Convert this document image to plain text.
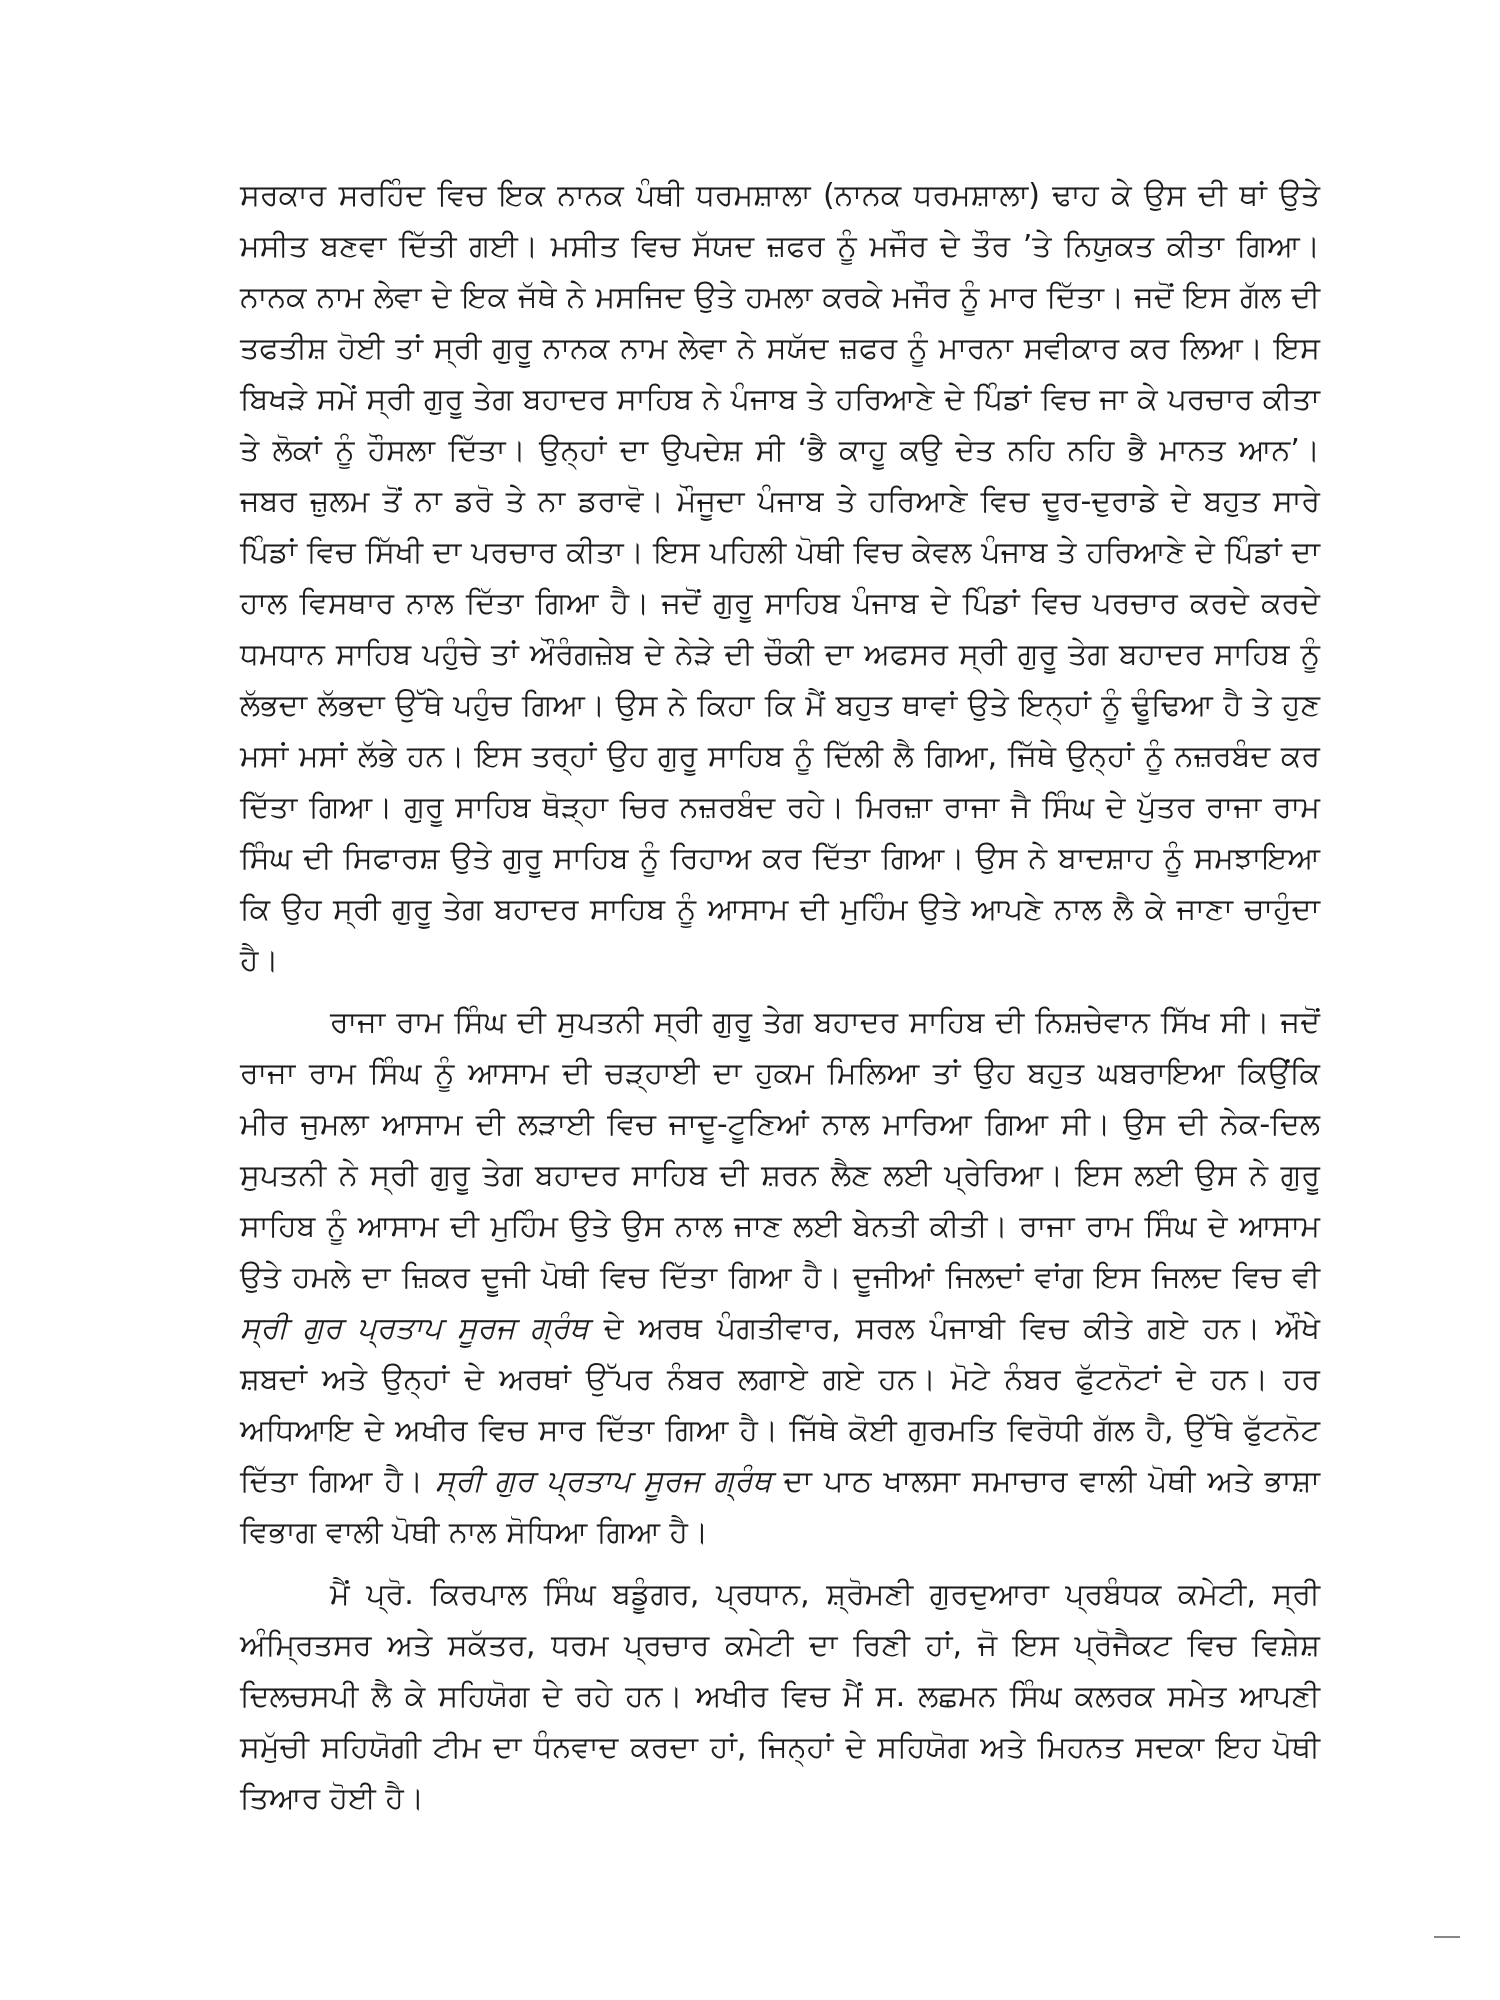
ਸਰਕਾਰ ਸਰਹਿੰਦ ਵਿਚ ਇਕ ਨਾਨਕ ਪੰਥੀ ਧਰਮਸ਼ਾਲਾ (ਨਾਨਕ ਧਰਮਸ਼ਾਲਾ) ਢਾਹ ਕੇ ਉਸ ਦੀ ਥਾਂ ਉਤੇ ਮਸੀਤ ਬਣਵਾ ਦਿੱਤੀ ਗਈ। ਮਸੀਤ ਵਿਚ ਸੱਯਦ ਜ਼ਫਰ ਨੂੰ ਮਜੌਰ ਦੇ ਤੌਰ ’ਤੇ ਨਿਯੁਕਤ ਕੀਤਾ ਗਿਆ। ਨਾਨਕ ਨਾਮ ਲੇਵਾ ਦੇ ਇਕ ਜੱਥੇ ਨੇ ਮਸਜਿਦ ਉਤੇ ਹਮਲਾ ਕਰਕੇ ਮਜੌਰ ਨੂੰ ਮਾਰ ਦਿੱਤਾ। ਜਦੋਂ ਇਸ ਗੱਲ ਦੀ ਤਫਤੀਸ਼ ਹੋਈ ਤਾਂ ਸ੍ਰੀ ਗੁਰੂ ਨਾਨਕ ਨਾਮ ਲੇਵਾ ਨੇ ਸਯੱਦ ਜ਼ਫਰ ਨੂੰ ਮਾਰਨਾ ਸਵੀਕਾਰ ਕਰ ਲਿਆ। ਇਸ ਬਿਖੜੇ ਸਮੇਂ ਸ੍ਰੀ ਗੁਰੂ ਤੇਗ ਬਹਾਦਰ ਸਾਹਿਬ ਨੇ ਪੰਜਾਬ ਤੇ ਹਰਿਆਣੇ ਦੇ ਪਿੰਡਾਂ ਵਿਚ ਜਾ ਕੇ ਪਰਚਾਰ ਕੀਤਾ ਤੇ ਲੋਕਾਂ ਨੂੰ ਹੌਸਲਾ ਦਿੱਤਾ। ਉਨ੍ਹਾਂ ਦਾ ਉਪਦੇਸ਼ ਸੀ ‘ਭੈ ਕਾਹੂ ਕਉ ਦੇਤ ਨਹਿ ਨਹਿ ਭੈ ਮਾਨਤ ਆਨ’। ਜਬਰ ਜ਼ੁਲਮ ਤੋਂ ਨਾ ਡਰੋ ਤੇ ਨਾ ਡਰਾਵੋ। ਮੌਜੂਦਾ ਪੰਜਾਬ ਤੇ ਹਰਿਆਣੇ ਵਿਚ ਦੂਰ-ਦੁਰਾਡੇ ਦੇ ਬਹੁਤ ਸਾਰੇ ਪਿੰਡਾਂ ਵਿਚ ਸਿੱਖੀ ਦਾ ਪਰਚਾਰ ਕੀਤਾ। ਇਸ ਪਹਿਲੀ ਪੋਥੀ ਵਿਚ ਕੇਵਲ ਪੰਜਾਬ ਤੇ ਹਰਿਆਣੇ ਦੇ ਪਿੰਡਾਂ ਦਾ ਹਾਲ ਵਿਸਥਾਰ ਨਾਲ ਦਿੱਤਾ ਗਿਆ ਹੈ। ਜਦੋਂ ਗੁਰੂ ਸਾਹਿਬ ਪੰਜਾਬ ਦੇ ਪਿੰਡਾਂ ਵਿਚ ਪਰਚਾਰ ਕਰਦੇ ਕਰਦੇ ਧਮਧਾਨ ਸਾਹਿਬ ਪਹੁੰਚੇ ਤਾਂ ਔਰੰਗਜ਼ੇਬ ਦੇ ਨੇੜੇ ਦੀ ਚੌਕੀ ਦਾ ਅਫਸਰ ਸ੍ਰੀ ਗੁਰੂ ਤੇਗ ਬਹਾਦਰ ਸਾਹਿਬ ਨੂੰ ਲੱਭਦਾ ਲੱਭਦਾ ਉੱਥੇ ਪਹੁੰਚ ਗਿਆ। ਉਸ ਨੇ ਕਿਹਾ ਕਿ ਮੈਂ ਬਹੁਤ ਥਾਵਾਂ ਉਤੇ ਇਨ੍ਹਾਂ ਨੂੰ ਢੂੰਢਿਆ ਹੈ ਤੇ ਹੁਣ ਮਸਾਂ ਮਸਾਂ ਲੱਭੇ ਹਨ। ਇਸ ਤਰ੍ਹਾਂ ਉਹ ਗੁਰੂ ਸਾਹਿਬ ਨੂੰ ਦਿੱਲੀ ਲੈ ਗਿਆ, ਜਿੱਥੇ ਉਨ੍ਹਾਂ ਨੂੰ ਨਜ਼ਰਬੰਦ ਕਰ ਦਿੱਤਾ ਗਿਆ। ਗੁਰੂ ਸਾਹਿਬ ਥੋੜ੍ਹਾ ਚਿਰ ਨਜ਼ਰਬੰਦ ਰਹੇ। ਮਿਰਜ਼ਾ ਰਾਜਾ ਜੈ ਸਿੰਘ ਦੇ ਪੁੱਤਰ ਰਾਜਾ ਰਾਮ ਸਿੰਘ ਦੀ ਸਿਫਾਰਸ਼ ਉਤੇ ਗੁਰੂ ਸਾਹਿਬ ਨੂੰ ਰਿਹਾਅ ਕਰ ਦਿੱਤਾ ਗਿਆ। ਉਸ ਨੇ ਬਾਦਸ਼ਾਹ ਨੂੰ ਸਮਝਾਇਆ ਕਿ ਉਹ ਸ੍ਰੀ ਗੁਰੂ ਤੇਗ ਬਹਾਦਰ ਸਾਹਿਬ ਨੂੰ ਆਸਾਮ ਦੀ ਮੁਹਿੰਮ ਉਤੇ ਆਪਣੇ ਨਾਲ ਲੈ ਕੇ ਜਾਣਾ ਚਾਹੁੰਦਾ ਹੈ।

ਰਾਜਾ ਰਾਮ ਸਿੰਘ ਦੀ ਸੁਪਤਨੀ ਸ੍ਰੀ ਗੁਰੂ ਤੇਗ ਬਹਾਦਰ ਸਾਹਿਬ ਦੀ ਨਿਸ਼ਚੇਵਾਨ ਸਿੱਖ ਸੀ। ਜਦੋਂ ਰਾਜਾ ਰਾਮ ਸਿੰਘ ਨੂੰ ਆਸਾਮ ਦੀ ਚੜ੍ਹਾਈ ਦਾ ਹੁਕਮ ਮਿਲਿਆ ਤਾਂ ਉਹ ਬਹੁਤ ਘਬਰਾਇਆ ਕਿਉਂਕਿ ਮੀਰ ਜੁਮਲਾ ਆਸਾਮ ਦੀ ਲੜਾਈ ਵਿਚ ਜਾਦੂ-ਟੂਣਿਆਂ ਨਾਲ ਮਾਰਿਆ ਗਿਆ ਸੀ। ਉਸ ਦੀ ਨੇਕ-ਦਿਲ ਸੁਪਤਨੀ ਨੇ ਸ੍ਰੀ ਗੁਰੂ ਤੇਗ ਬਹਾਦਰ ਸਾਹਿਬ ਦੀ ਸ਼ਰਨ ਲੈਣ ਲਈ ਪ੍ਰੇਰਿਆ। ਇਸ ਲਈ ਉਸ ਨੇ ਗੁਰੂ ਸਾਹਿਬ ਨੂੰ ਆਸਾਮ ਦੀ ਮੁਹਿੰਮ ਉਤੇ ਉਸ ਨਾਲ ਜਾਣ ਲਈ ਬੇਨਤੀ ਕੀਤੀ। ਰਾਜਾ ਰਾਮ ਸਿੰਘ ਦੇ ਆਸਾਮ ਉਤੇ ਹਮਲੇ ਦਾ ਜ਼ਿਕਰ ਦੂਜੀ ਪੋਥੀ ਵਿਚ ਦਿੱਤਾ ਗਿਆ ਹੈ। ਦੂਜੀਆਂ ਜਿਲਦਾਂ ਵਾਂਗ ਇਸ ਜਿਲਦ ਵਿਚ ਵੀ ਸ੍ਰੀ ਗੁਰ ਪ੍ਰਤਾਪ ਸੂਰਜ ਗ੍ਰੰਥ ਦੇ ਅਰਥ ਪੰਗਤੀਵਾਰ, ਸਰਲ ਪੰਜਾਬੀ ਵਿਚ ਕੀਤੇ ਗਏ ਹਨ। ਔਖੇ ਸ਼ਬਦਾਂ ਅਤੇ ਉਨ੍ਹਾਂ ਦੇ ਅਰਥਾਂ ਉੱਪਰ ਨੰਬਰ ਲਗਾਏ ਗਏ ਹਨ। ਮੋਟੇ ਨੰਬਰ ਫੁੱਟਨੋਟਾਂ ਦੇ ਹਨ। ਹਰ ਅਧਿਆਇ ਦੇ ਅਖੀਰ ਵਿਚ ਸਾਰ ਦਿੱਤਾ ਗਿਆ ਹੈ। ਜਿੱਥੇ ਕੋਈ ਗੁਰਮਤਿ ਵਿਰੋਧੀ ਗੱਲ ਹੈ, ਉੱਥੇ ਫੁੱਟਨੋਟ ਦਿੱਤਾ ਗਿਆ ਹੈ। ਸ੍ਰੀ ਗੁਰ ਪ੍ਰਤਾਪ ਸੂਰਜ ਗ੍ਰੰਥ ਦਾ ਪਾਠ ਖਾਲਸਾ ਸਮਾਚਾਰ ਵਾਲੀ ਪੋਥੀ ਅਤੇ ਭਾਸ਼ਾ ਵਿਭਾਗ ਵਾਲੀ ਪੋਥੀ ਨਾਲ ਸੋਧਿਆ ਗਿਆ ਹੈ।

ਮੈਂ ਪ੍ਰੋ. ਕਿਰਪਾਲ ਸਿੰਘ ਬਡੂੰਗਰ, ਪ੍ਰਧਾਨ, ਸ਼੍ਰੋਮਣੀ ਗੁਰਦੁਆਰਾ ਪ੍ਰਬੰਧਕ ਕਮੇਟੀ, ਸ੍ਰੀ ਅੰਮ੍ਰਿਤਸਰ ਅਤੇ ਸਕੱਤਰ, ਧਰਮ ਪ੍ਰਚਾਰ ਕਮੇਟੀ ਦਾ ਰਿਣੀ ਹਾਂ, ਜੋ ਇਸ ਪ੍ਰੋਜੈਕਟ ਵਿਚ ਵਿਸ਼ੇਸ਼ ਦਿਲਚਸਪੀ ਲੈ ਕੇ ਸਹਿਯੋਗ ਦੇ ਰਹੇ ਹਨ। ਅਖੀਰ ਵਿਚ ਮੈਂ ਸ. ਲਛਮਨ ਸਿੰਘ ਕਲਰਕ ਸਮੇਤ ਆਪਣੀ ਸਮੁੱਚੀ ਸਹਿਯੋਗੀ ਟੀਮ ਦਾ ਧੰਨਵਾਦ ਕਰਦਾ ਹਾਂ, ਜਿਨ੍ਹਾਂ ਦੇ ਸਹਿਯੋਗ ਅਤੇ ਮਿਹਨਤ ਸਦਕਾ ਇਹ ਪੋਥੀ ਤਿਆਰ ਹੋਈ ਹੈ।
